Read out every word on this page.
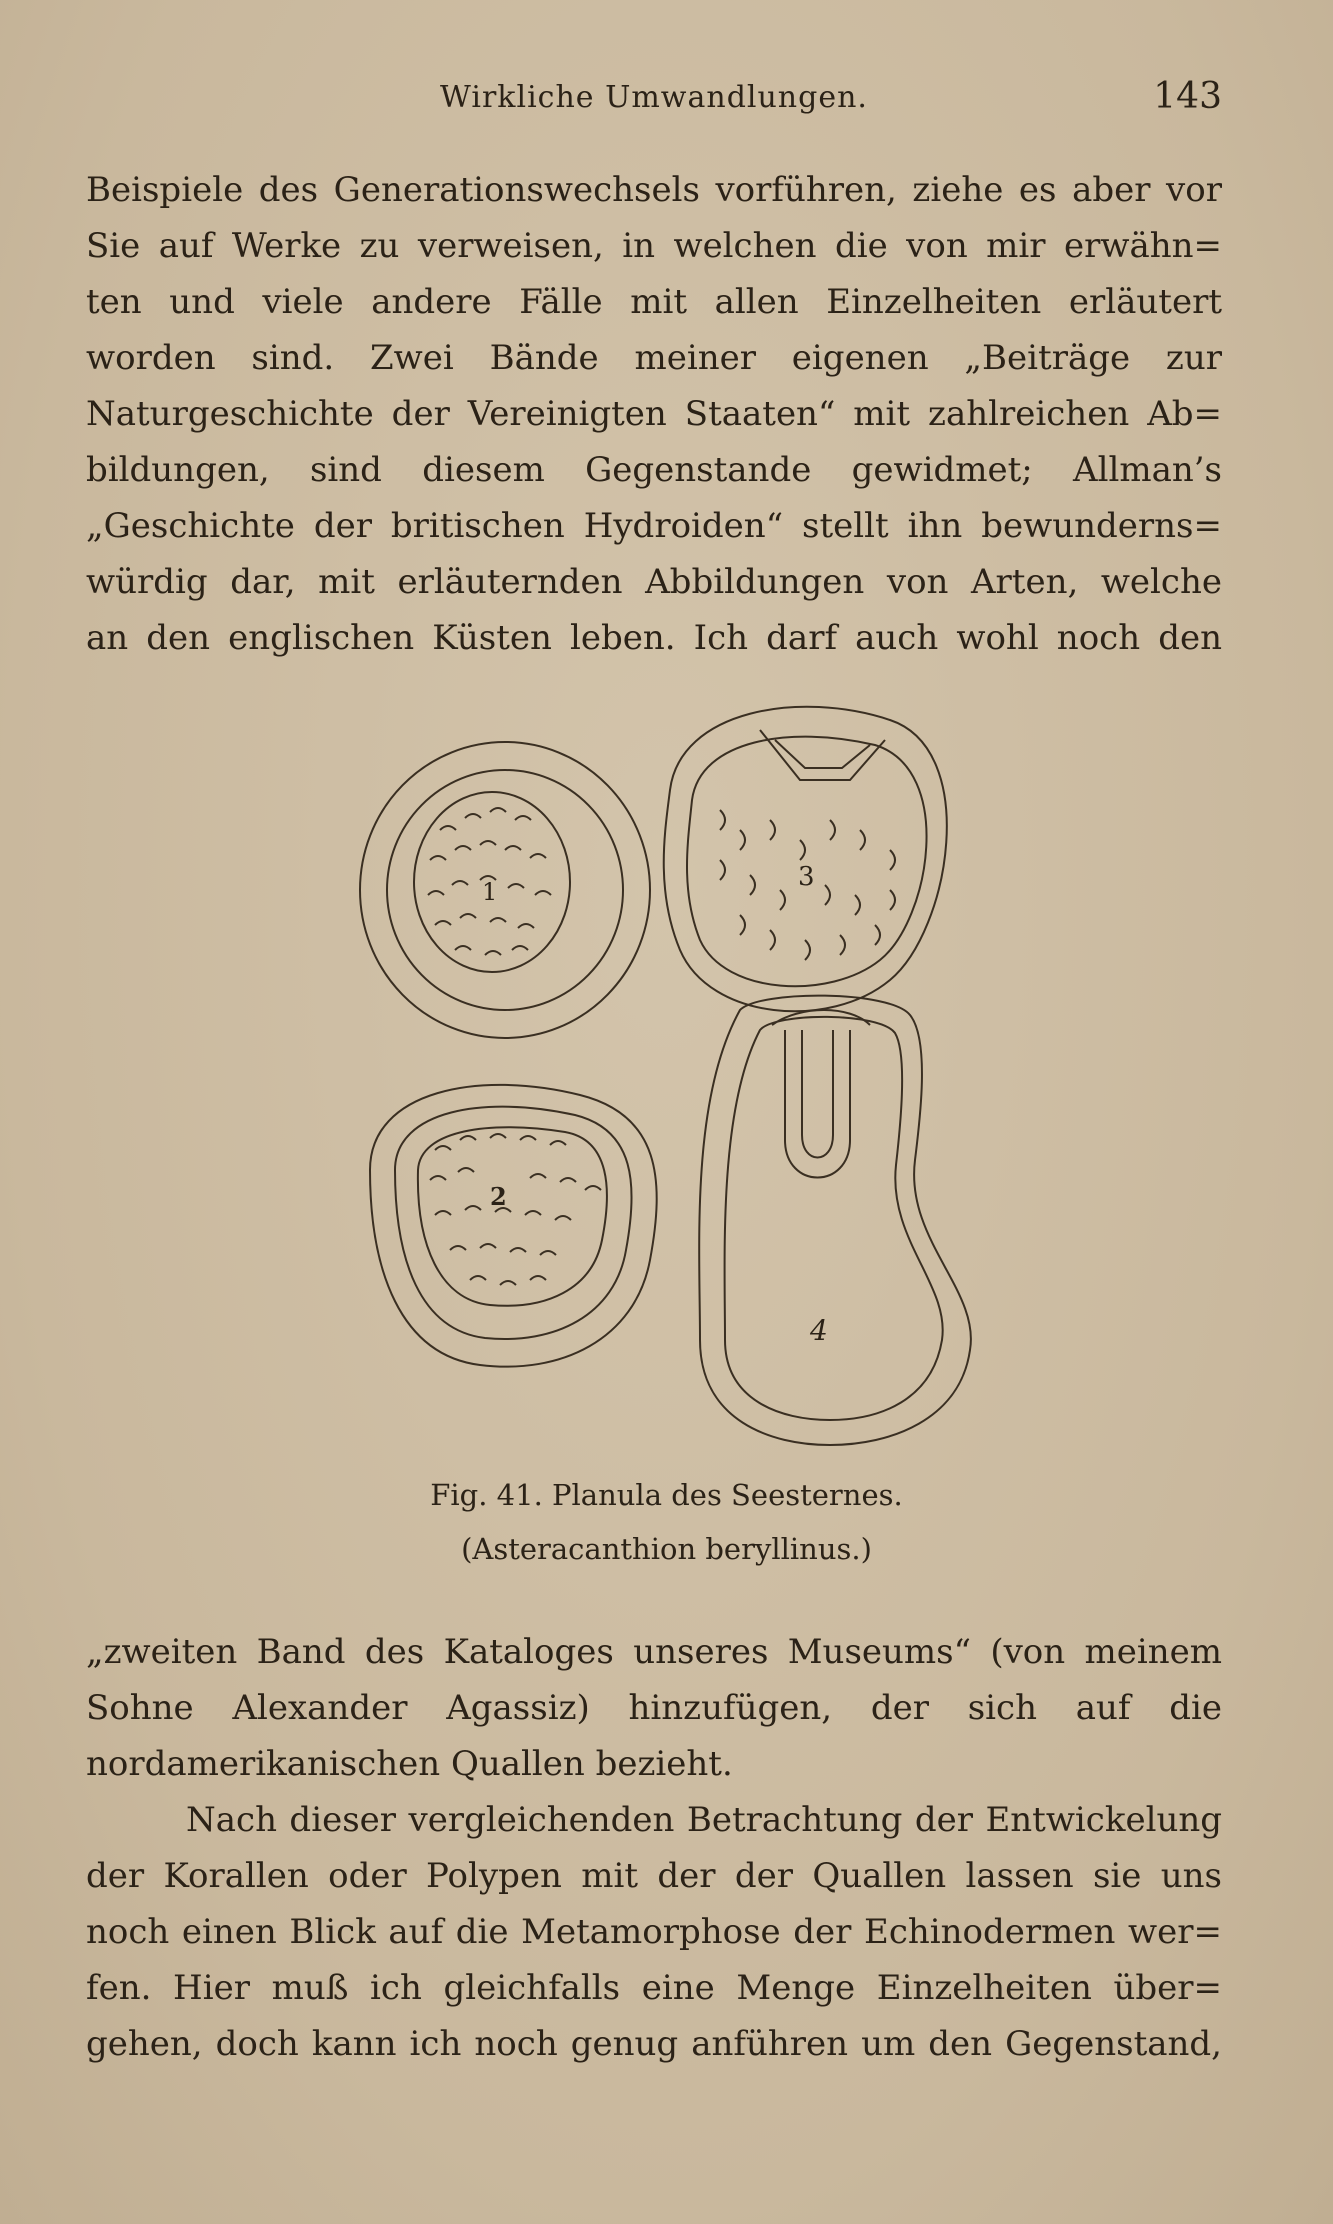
Wirkliche Umwandlungen.	143
Beispiele des Generationswechsels vorführen, ziehe es aber vor
Sie auf Werke zu verweisen, in welchen die von mir erwähn=
ten und viele andere Fälle mit allen Einzelheiten erläutert
worden sind. Zwei Bände meiner eigenen „Beiträge zur
Naturgeschichte der Vereinigten Staaten“ mit zahlreichen Ab=
bildungen, sind diesem Gegenstande gewidmet; Allman’s
„Geschichte der britischen Hydroiden“ stellt ihn bewunderns=
würdig dar, mit erläuternden Abbildungen von Arten, welche
an den englischen Küsten leben. Ich darf auch wohl noch den
1	3
2
4
Fig. 41. Planula des Seesternes.
(Asteracanthion beryllinus.)
„zweiten Band des Kataloges unseres Museums“ (von meinem
Sohne Alexander Agassiz) hinzufügen, der sich auf die
nordamerikanischen Quallen bezieht.
Nach dieser vergleichenden Betrachtung der Entwickelung
der Korallen oder Polypen mit der der Quallen lassen sie uns
noch einen Blick auf die Metamorphose der Echinodermen wer=
fen. Hier muß ich gleichfalls eine Menge Einzelheiten über=
gehen, doch kann ich noch genug anführen um den Gegenstand,
